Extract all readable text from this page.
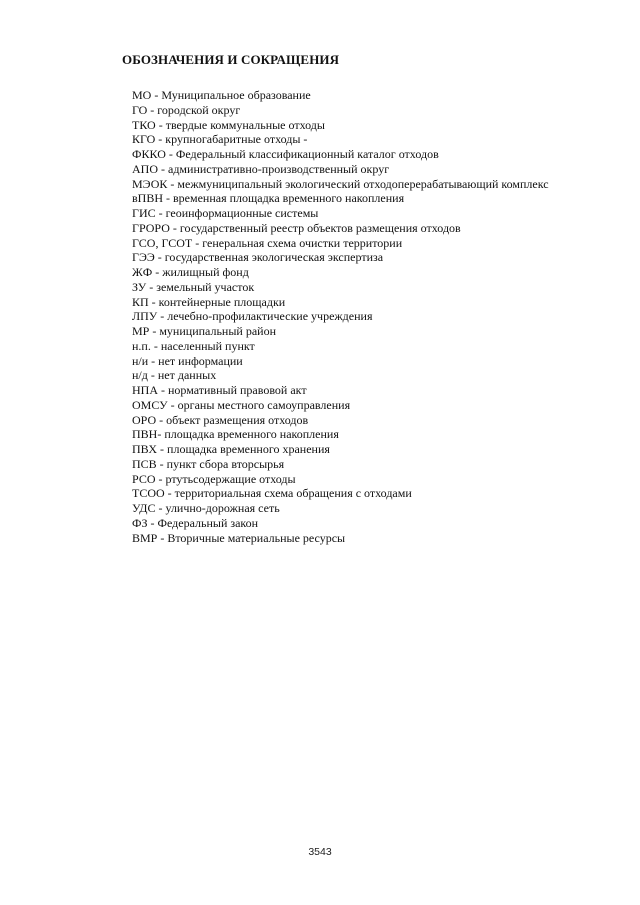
ОБОЗНАЧЕНИЯ И СОКРАЩЕНИЯ
МО - Муниципальное образование
ГО - городской округ
ТКО - твердые коммунальные отходы
КГО - крупногабаритные отходы -
ФККО - Федеральный классификационный каталог отходов
АПО - административно-производственный округ
МЭОК - межмуниципальный экологический отходоперерабатывающий комплекс
вПВН - временная площадка временного накопления
ГИС - геоинформационные системы
ГРОРО - государственный реестр объектов размещения отходов
ГСО, ГСОТ - генеральная схема очистки территории
ГЭЭ - государственная экологическая экспертиза
ЖФ - жилищный фонд
ЗУ - земельный участок
КП - контейнерные площадки
ЛПУ - лечебно-профилактические учреждения
МР - муниципальный район
н.п. - населенный пункт
н/и - нет информации
н/д - нет данных
НПА - нормативный правовой акт
ОМСУ - органы местного самоуправления
ОРО - объект размещения отходов
ПВН- площадка временного накопления
ПВХ - площадка временного хранения
ПСВ - пункт сбора вторсырья
РСО - ртутьсодержащие отходы
ТСОО - территориальная схема обращения с отходами
УДС - улично-дорожная сеть
ФЗ - Федеральный закон
ВМР - Вторичные материальные ресурсы
3543
